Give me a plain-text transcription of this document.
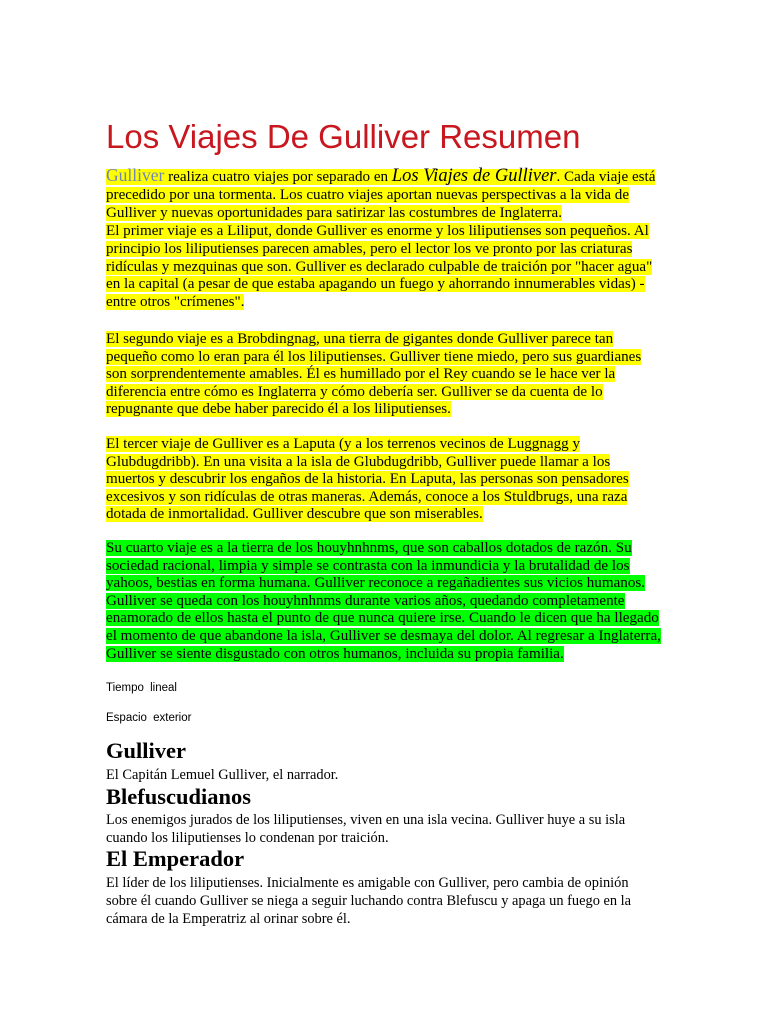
Los Viajes De Gulliver Resumen

Gulliver realiza cuatro viajes por separado en Los Viajes de Gulliver. Cada viaje está precedido por una tormenta. Los cuatro viajes aportan nuevas perspectivas a la vida de Gulliver y nuevas oportunidades para satirizar las costumbres de Inglaterra.
El primer viaje es a Liliput, donde Gulliver es enorme y los liliputienses son pequeños. Al principio los liliputienses parecen amables, pero el lector los ve pronto por las criaturas ridículas y mezquinas que son. Gulliver es declarado culpable de traición por "hacer agua" en la capital (a pesar de que estaba apagando un fuego y ahorrando innumerables vidas) - entre otros "crímenes".

El segundo viaje es a Brobdingnag, una tierra de gigantes donde Gulliver parece tan pequeño como lo eran para él los liliputienses. Gulliver tiene miedo, pero sus guardianes son sorprendentemente amables. Él es humillado por el Rey cuando se le hace ver la diferencia entre cómo es Inglaterra y cómo debería ser. Gulliver se da cuenta de lo repugnante que debe haber parecido él a los liliputienses.

El tercer viaje de Gulliver es a Laputa (y a los terrenos vecinos de Luggnagg y Glubdugdribb). En una visita a la isla de Glubdugdribb, Gulliver puede llamar a los muertos y descubrir los engaños de la historia. En Laputa, las personas son pensadores excesivos y son ridículas de otras maneras. Además, conoce a los Stuldbrugs, una raza dotada de inmortalidad. Gulliver descubre que son miserables.

Su cuarto viaje es a la tierra de los houyhnhnms, que son caballos dotados de razón. Su sociedad racional, limpia y simple se contrasta con la inmundicia y la brutalidad de los yahoos, bestias en forma humana. Gulliver reconoce a regañadientes sus vicios humanos. Gulliver se queda con los houyhnhnms durante varios años, quedando completamente enamorado de ellos hasta el punto de que nunca quiere irse. Cuando le dicen que ha llegado el momento de que abandone la isla, Gulliver se desmaya del dolor. Al regresar a Inglaterra, Gulliver se siente disgustado con otros humanos, incluida su propia familia.

Tiempo lineal

Espacio exterior

Gulliver

El Capitán Lemuel Gulliver, el narrador.

Blefuscudianos

Los enemigos jurados de los liliputienses, viven en una isla vecina. Gulliver huye a su isla cuando los liliputienses lo condenan por traición.

El Emperador

El líder de los liliputienses. Inicialmente es amigable con Gulliver, pero cambia de opinión sobre él cuando Gulliver se niega a seguir luchando contra Blefuscu y apaga un fuego en la cámara de la Emperatriz al orinar sobre él.
